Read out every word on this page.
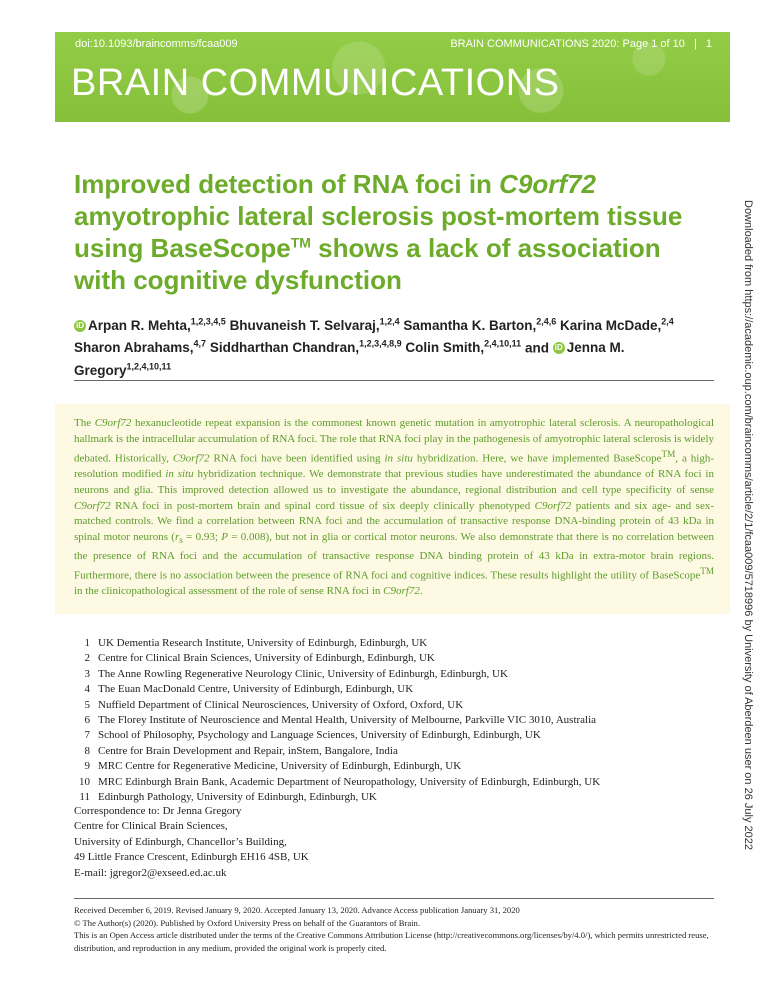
doi:10.1093/braincomms/fcaa009	BRAIN COMMUNICATIONS 2020: Page 1 of 10 | 1
BRAIN COMMUNICATIONS
Downloaded from https://academic.oup.com/braincomms/article/2/1/fcaa009/5718996 by University of Aberdeen user on 26 July 2022
Improved detection of RNA foci in C9orf72 amyotrophic lateral sclerosis post-mortem tissue using BaseScope™ shows a lack of association with cognitive dysfunction
iD Arpan R. Mehta,$^{1,2,3,4,5}$ Bhuvaneish T. Selvaraj,$^{1,2,4}$ Samantha K. Barton,$^{2,4,6}$ Karina McDade,$^{2,4}$ Sharon Abrahams,$^{4,7}$ Siddharthan Chandran,$^{1,2,3,4,8,9}$ Colin Smith,$^{2,4,10,11}$ and iD Jenna M. Gregory$^{1,2,4,10,11}$

The C9orf72 hexanucleotide repeat expansion is the commonest known genetic mutation in amyotrophic lateral sclerosis. A neuropathological hallmark is the intracellular accumulation of RNA foci. The role that RNA foci play in the pathogenesis of amyotrophic lateral sclerosis is widely debated. Historically, C9orf72 RNA foci have been identified using in situ hybridization. Here, we have implemented BaseScope™, a high-resolution modified in situ hybridization technique. We demonstrate that previous studies have underestimated the abundance of RNA foci in neurons and glia. This improved detection allowed us to investigate the abundance, regional distribution and cell type specificity of sense C9orf72 RNA foci in post-mortem brain and spinal cord tissue of six deeply clinically phenotyped C9orf72 patients and six age- and sex-matched controls. We find a correlation between RNA foci and the accumulation of transactive response DNA-binding protein of 43 kDa in spinal motor neurons ($r_s = 0.93$; P = 0.008), but not in glia or cortical motor neurons. We also demonstrate that there is no correlation between the presence of RNA foci and the accumulation of transactive response DNA binding protein of 43 kDa in extra-motor brain regions. Furthermore, there is no association between the presence of RNA foci and cognitive indices. These results highlight the utility of BaseScope™ in the clinicopathological assessment of the role of sense RNA foci in C9orf72.

1 UK Dementia Research Institute, University of Edinburgh, Edinburgh, UK
2 Centre for Clinical Brain Sciences, University of Edinburgh, Edinburgh, UK
3 The Anne Rowling Regenerative Neurology Clinic, University of Edinburgh, Edinburgh, UK
4 The Euan MacDonald Centre, University of Edinburgh, Edinburgh, UK
5 Nuffield Department of Clinical Neurosciences, University of Oxford, Oxford, UK
6 The Florey Institute of Neuroscience and Mental Health, University of Melbourne, Parkville VIC 3010, Australia
7 School of Philosophy, Psychology and Language Sciences, University of Edinburgh, Edinburgh, UK
8 Centre for Brain Development and Repair, inStem, Bangalore, India
9 MRC Centre for Regenerative Medicine, University of Edinburgh, Edinburgh, UK
10 MRC Edinburgh Brain Bank, Academic Department of Neuropathology, University of Edinburgh, Edinburgh, UK
11 Edinburgh Pathology, University of Edinburgh, Edinburgh, UK
Correspondence to: Dr Jenna Gregory
Centre for Clinical Brain Sciences,
University of Edinburgh, Chancellor’s Building,
49 Little France Crescent, Edinburgh EH16 4SB, UK
E-mail: jgregor2@exseed.ed.ac.uk
Received December 6, 2019. Revised January 9, 2020. Accepted January 13, 2020. Advance Access publication January 31, 2020
© The Author(s) (2020). Published by Oxford University Press on behalf of the Guarantors of Brain.
This is an Open Access article distributed under the terms of the Creative Commons Attribution License (http://creativecommons.org/licenses/by/4.0/), which permits unrestricted reuse, distribution, and reproduction in any medium, provided the original work is properly cited.
